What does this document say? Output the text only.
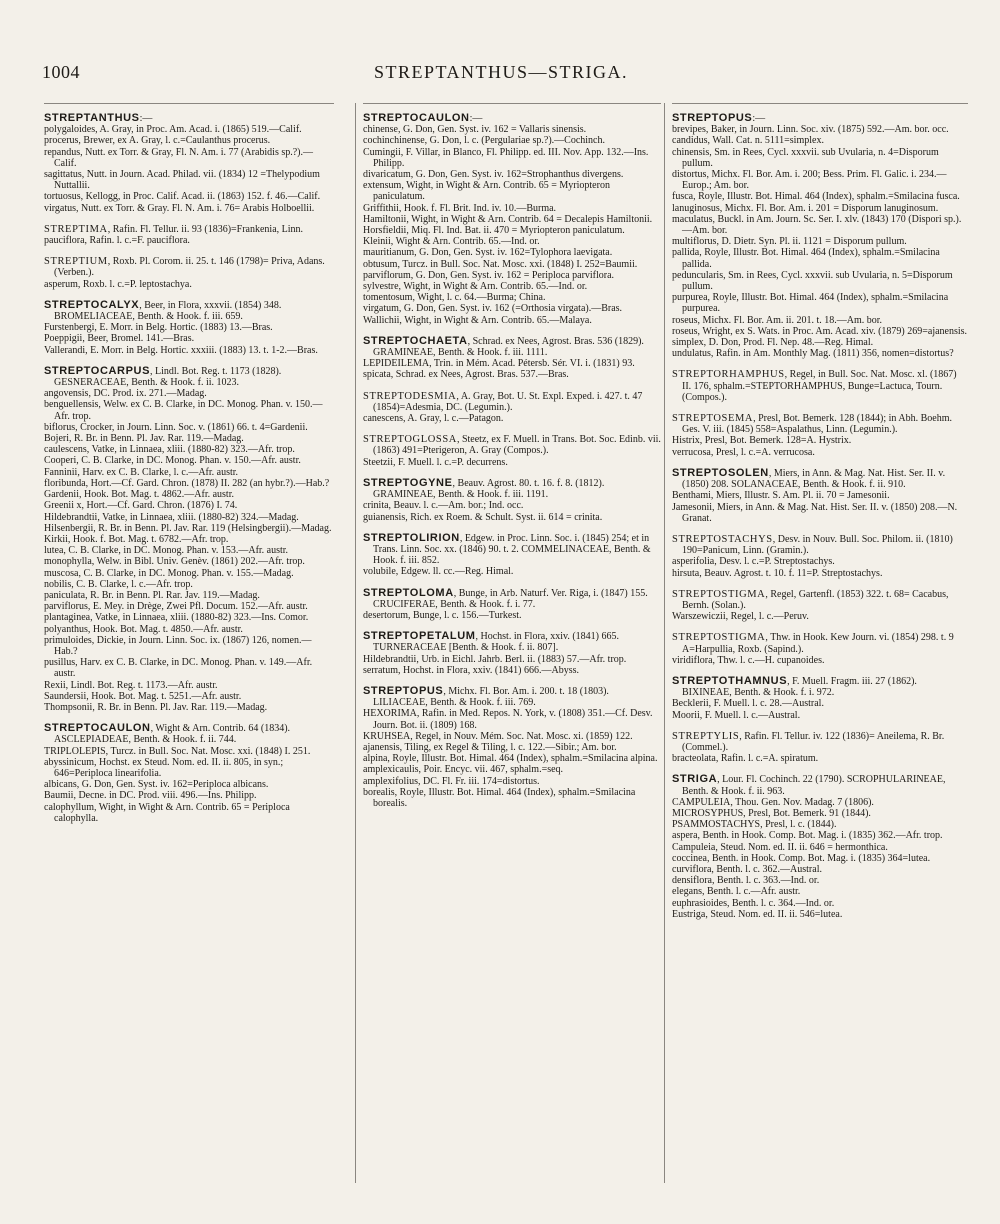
1004	STREPTANTHUS—STRIGA.

STREPTANTHUS:—

polygaloides, A. Gray, in Proc. Am. Acad. i. (1865) 519.—Calif.

procerus, Brewer, ex A. Gray, l. c.=Caulanthus procerus.

repandus, Nutt. ex Torr. & Gray, Fl. N. Am. i. 77 (Arabidis sp.?).—Calif.

sagittatus, Nutt. in Journ. Acad. Philad. vii. (1834) 12 =Thelypodium Nuttallii.

tortuosus, Kellogg, in Proc. Calif. Acad. ii. (1863) 152. f. 46.—Calif.

virgatus, Nutt. ex Torr. & Gray. Fl. N. Am. i. 76= Arabis Holboellii.

STREPTIMA, Rafin. Fl. Tellur. ii. 93 (1836)=Frankenia, Linn.

pauciflora, Rafin. l. c.=F. pauciflora.

STREPTIUM, Roxb. Pl. Corom. ii. 25. t. 146 (1798)= Priva, Adans. (Verben.).

asperum, Roxb. l. c.=P. leptostachya.

STREPTOCALYX, Beer, in Flora, xxxvii. (1854) 348. BROMELIACEAE, Benth. & Hook. f. iii. 659.

Furstenbergi, E. Morr. in Belg. Hortic. (1883) 13.—Bras.

Poeppigii, Beer, Bromel. 141.—Bras.

Vallerandi, E. Morr. in Belg. Hortic. xxxiii. (1883) 13. t. 1-2.—Bras.

STREPTOCARPUS, Lindl. Bot. Reg. t. 1173 (1828). GESNERACEAE, Benth. & Hook. f. ii. 1023.

angovensis, DC. Prod. ix. 271.—Madag.

benguellensis, Welw. ex C. B. Clarke, in DC. Monog. Phan. v. 150.—Afr. trop.

biflorus, Crocker, in Journ. Linn. Soc. v. (1861) 66. t. 4=Gardenii.

Bojeri, R. Br. in Benn. Pl. Jav. Rar. 119.—Madag.

caulescens, Vatke, in Linnaea, xliii. (1880-82) 323.—Afr. trop.

Cooperi, C. B. Clarke, in DC. Monog. Phan. v. 150.—Afr. austr.

Fanninii, Harv. ex C. B. Clarke, l. c.—Afr. austr.

floribunda, Hort.—Cf. Gard. Chron. (1878) II. 282 (an hybr.?).—Hab.?

Gardenii, Hook. Bot. Mag. t. 4862.—Afr. austr.

Greenii x, Hort.—Cf. Gard. Chron. (1876) I. 74.

Hildebrandtii, Vatke, in Linnaea, xliii. (1880-82) 324.—Madag.

Hilsenbergii, R. Br. in Benn. Pl. Jav. Rar. 119 (Helsingbergii).—Madag.

Kirkii, Hook. f. Bot. Mag. t. 6782.—Afr. trop.

lutea, C. B. Clarke, in DC. Monog. Phan. v. 153.—Afr. austr.

monophylla, Welw. in Bibl. Univ. Genèv. (1861) 202.—Afr. trop.

muscosa, C. B. Clarke, in DC. Monog. Phan. v. 155.—Madag.

nobilis, C. B. Clarke, l. c.—Afr. trop.

paniculata, R. Br. in Benn. Pl. Rar. Jav. 119.—Madag.

parviflorus, E. Mey. in Drège, Zwei Pfl. Docum. 152.—Afr. austr.

plantaginea, Vatke, in Linnaea, xliii. (1880-82) 323.—Ins. Comor.

polyanthus, Hook. Bot. Mag. t. 4850.—Afr. austr.

primuloides, Dickie, in Journ. Linn. Soc. ix. (1867) 126, nomen.—Hab.?

pusillus, Harv. ex C. B. Clarke, in DC. Monog. Phan. v. 149.—Afr. austr.

Rexii, Lindl. Bot. Reg. t. 1173.—Afr. austr.

Saundersii, Hook. Bot. Mag. t. 5251.—Afr. austr.

Thompsonii, R. Br. in Benn. Pl. Jav. Rar. 119.—Madag.

STREPTOCAULON, Wight & Arn. Contrib. 64 (1834). ASCLEPIADEAE, Benth. & Hook. f. ii. 744.

TRIPLOLEPIS, Turcz. in Bull. Soc. Nat. Mosc. xxi. (1848) I. 251.

abyssinicum, Hochst. ex Steud. Nom. ed. II. ii. 805, in syn.; 646=Periploca linearifolia.

albicans, G. Don, Gen. Syst. iv. 162=Periploca albicans.

Baumii, Decne. in DC. Prod. viii. 496.—Ins. Philipp.

calophyllum, Wight, in Wight & Arn. Contrib. 65 = Periploca calophylla.

STREPTOCAULON:—

chinense, G. Don, Gen. Syst. iv. 162 = Vallaris sinensis.

cochinchinense, G. Don, l. c. (Pergulariae sp.?).—Cochinch.

Cumingii, F. Villar, in Blanco, Fl. Philipp. ed. III. Nov. App. 132.—Ins. Philipp.

divaricatum, G. Don, Gen. Syst. iv. 162=Strophanthus divergens.

extensum, Wight, in Wight & Arn. Contrib. 65 = Myriopteron paniculatum.

Griffithii, Hook. f. Fl. Brit. Ind. iv. 10.—Burma.

Hamiltonii, Wight, in Wight & Arn. Contrib. 64 = Decalepis Hamiltonii.

Horsfieldii, Miq. Fl. Ind. Bat. ii. 470 = Myriopteron paniculatum.

Kleinii, Wight & Arn. Contrib. 65.—Ind. or.

mauritianum, G. Don, Gen. Syst. iv. 162=Tylophora laevigata.

obtusum, Turcz. in Bull. Soc. Nat. Mosc. xxi. (1848) I. 252=Baumii.

parviflorum, G. Don, Gen. Syst. iv. 162 = Periploca parviflora.

sylvestre, Wight, in Wight & Arn. Contrib. 65.—Ind. or.

tomentosum, Wight, l. c. 64.—Burma; China.

virgatum, G. Don, Gen. Syst. iv. 162 (=Orthosia virgata).—Bras.

Wallichii, Wight, in Wight & Arn. Contrib. 65.—Malaya.

STREPTOCHAETA, Schrad. ex Nees, Agrost. Bras. 536 (1829). GRAMINEAE, Benth. & Hook. f. iii. 1111.

LEPIDEILEMA, Trin. in Mém. Acad. Pétersb. Sér. VI. i. (1831) 93.

spicata, Schrad. ex Nees, Agrost. Bras. 537.—Bras.

STREPTODESMIA, A. Gray, Bot. U. St. Expl. Exped. i. 427. t. 47 (1854)=Adesmia, DC. (Legumin.).

canescens, A. Gray, l. c.—Patagon.

STREPTOGLOSSA, Steetz, ex F. Muell. in Trans. Bot. Soc. Edinb. vii. (1863) 491=Pterigeron, A. Gray (Compos.).

Steetzii, F. Muell. l. c.=P. decurrens.

STREPTOGYNE, Beauv. Agrost. 80. t. 16. f. 8. (1812). GRAMINEAE, Benth. & Hook. f. iii. 1191.

crinita, Beauv. l. c.—Am. bor.; Ind. occ.

guianensis, Rich. ex Roem. & Schult. Syst. ii. 614 = crinita.

STREPTOLIRION, Edgew. in Proc. Linn. Soc. i. (1845) 254; et in Trans. Linn. Soc. xx. (1846) 90. t. 2. COMMELINACEAE, Benth. & Hook. f. iii. 852.

volubile, Edgew. ll. cc.—Reg. Himal.

STREPTOLOMA, Bunge, in Arb. Naturf. Ver. Riga, i. (1847) 155. CRUCIFERAE, Benth. & Hook. f. i. 77.

desertorum, Bunge, l. c. 156.—Turkest.

STREPTOPETALUM, Hochst. in Flora, xxiv. (1841) 665. TURNERACEAE [Benth. & Hook. f. ii. 807].

Hildebrandtii, Urb. in Eichl. Jahrb. Berl. ii. (1883) 57.—Afr. trop.

serratum, Hochst. in Flora, xxiv. (1841) 666.—Abyss.

STREPTOPUS, Michx. Fl. Bor. Am. i. 200. t. 18 (1803). LILIACEAE, Benth. & Hook. f. iii. 769.

HEXORIMA, Rafin. in Med. Repos. N. York, v. (1808) 351.—Cf. Desv. Journ. Bot. ii. (1809) 168.

KRUHSEA, Regel, in Nouv. Mém. Soc. Nat. Mosc. xi. (1859) 122.

ajanensis, Tiling, ex Regel & Tiling, l. c. 122.—Sibir.; Am. bor.

alpina, Royle, Illustr. Bot. Himal. 464 (Index), sphalm.=Smilacina alpina.

amplexicaulis, Poir. Encyc. vii. 467, sphalm.=seq.

amplexifolius, DC. Fl. Fr. iii. 174=distortus.

borealis, Royle, Illustr. Bot. Himal. 464 (Index), sphalm.=Smilacina borealis.

STREPTOPUS:—

brevipes, Baker, in Journ. Linn. Soc. xiv. (1875) 592.—Am. bor. occ.

candidus, Wall. Cat. n. 5111=simplex.

chinensis, Sm. in Rees, Cycl. xxxvii. sub Uvularia, n. 4=Disporum pullum.

distortus, Michx. Fl. Bor. Am. i. 200; Bess. Prim. Fl. Galic. i. 234.—Europ.; Am. bor.

fusca, Royle, Illustr. Bot. Himal. 464 (Index), sphalm.=Smilacina fusca.

lanuginosus, Michx. Fl. Bor. Am. i. 201 = Disporum lanuginosum.

maculatus, Buckl. in Am. Journ. Sc. Ser. I. xlv. (1843) 170 (Dispori sp.).—Am. bor.

multiflorus, D. Dietr. Syn. Pl. ii. 1121 = Disporum pullum.

pallida, Royle, Illustr. Bot. Himal. 464 (Index), sphalm.=Smilacina pallida.

peduncularis, Sm. in Rees, Cycl. xxxvii. sub Uvularia, n. 5=Disporum pullum.

purpurea, Royle, Illustr. Bot. Himal. 464 (Index), sphalm.=Smilacina purpurea.

roseus, Michx. Fl. Bor. Am. ii. 201. t. 18.—Am. bor.

roseus, Wright, ex S. Wats. in Proc. Am. Acad. xiv. (1879) 269=ajanensis.

simplex, D. Don, Prod. Fl. Nep. 48.—Reg. Himal.

undulatus, Rafin. in Am. Monthly Mag. (1811) 356, nomen=distortus?

STREPTORHAMPHUS, Regel, in Bull. Soc. Nat. Mosc. xl. (1867) II. 176, sphalm.=STEPTORHAMPHUS, Bunge=Lactuca, Tourn. (Compos.).

STREPTOSEMA, Presl, Bot. Bemerk. 128 (1844); in Abh. Boehm. Ges. V. iii. (1845) 558=Aspalathus, Linn. (Legumin.).

Histrix, Presl, Bot. Bemerk. 128=A. Hystrix.

verrucosa, Presl, l. c.=A. verrucosa.

STREPTOSOLEN, Miers, in Ann. & Mag. Nat. Hist. Ser. II. v. (1850) 208. SOLANACEAE, Benth. & Hook. f. ii. 910.

Benthami, Miers, Illustr. S. Am. Pl. ii. 70 = Jamesonii.

Jamesonii, Miers, in Ann. & Mag. Nat. Hist. Ser. II. v. (1850) 208.—N. Granat.

STREPTOSTACHYS, Desv. in Nouv. Bull. Soc. Philom. ii. (1810) 190=Panicum, Linn. (Gramin.).

asperifolia, Desv. l. c.=P. Streptostachys.

hirsuta, Beauv. Agrost. t. 10. f. 11=P. Streptostachys.

STREPTOSTIGMA, Regel, Gartenfl. (1853) 322. t. 68= Cacabus, Bernh. (Solan.).

Warszewiczii, Regel, l. c.—Peruv.

STREPTOSTIGMA, Thw. in Hook. Kew Journ. vi. (1854) 298. t. 9 A=Harpullia, Roxb. (Sapind.).

viridiflora, Thw. l. c.—H. cupanoides.

STREPTOTHAMNUS, F. Muell. Fragm. iii. 27 (1862). BIXINEAE, Benth. & Hook. f. i. 972.

Becklerii, F. Muell. l. c. 28.—Austral.

Moorii, F. Muell. l. c.—Austral.

STREPTYLIS, Rafin. Fl. Tellur. iv. 122 (1836)= Aneilema, R. Br. (Commel.).

bracteolata, Rafin. l. c.=A. spiratum.

STRIGA, Lour. Fl. Cochinch. 22 (1790). SCROPHULARINEAE, Benth. & Hook. f. ii. 963.

CAMPULEIA, Thou. Gen. Nov. Madag. 7 (1806).

MICROSYPHUS, Presl, Bot. Bemerk. 91 (1844).

PSAMMOSTACHYS, Presl, l. c. (1844).

aspera, Benth. in Hook. Comp. Bot. Mag. i. (1835) 362.—Afr. trop.

Campuleia, Steud. Nom. ed. II. ii. 646 = hermonthica.

coccinea, Benth. in Hook. Comp. Bot. Mag. i. (1835) 364=lutea.

curviflora, Benth. l. c. 362.—Austral.

densiflora, Benth. l. c. 363.—Ind. or.

elegans, Benth. l. c.—Afr. austr.

euphrasioides, Benth. l. c. 364.—Ind. or.

Eustriga, Steud. Nom. ed. II. ii. 546=lutea.
